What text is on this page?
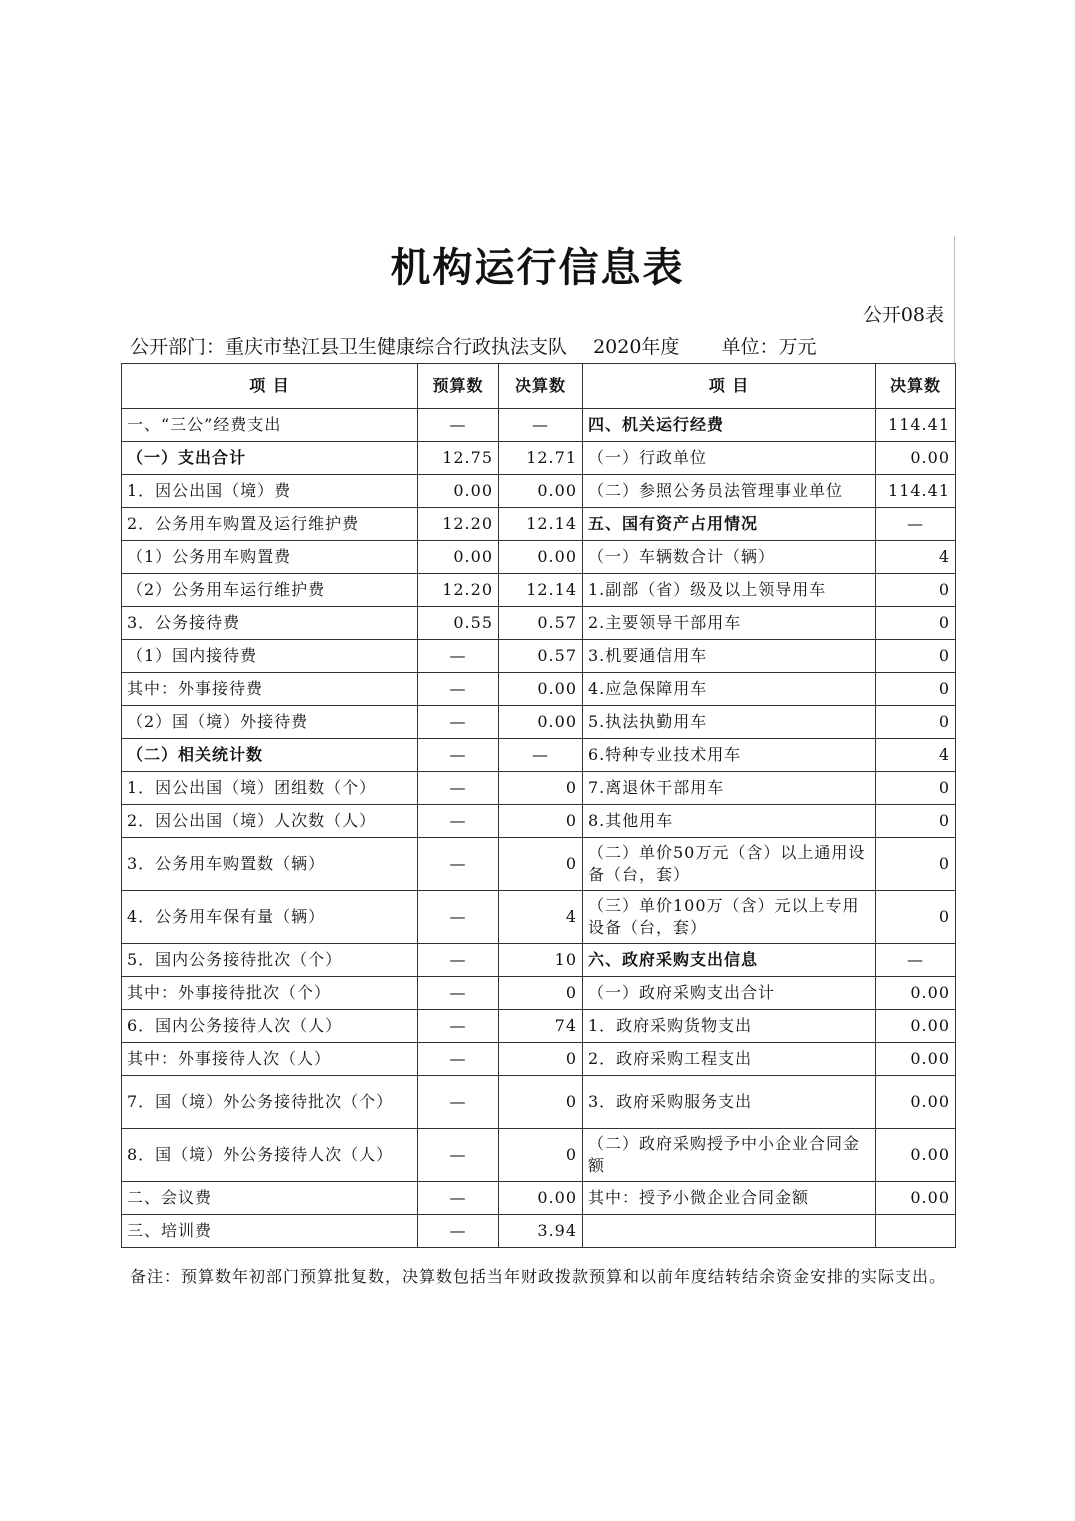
机构运行信息表
公开08表
公开部门：重庆市垫江县卫生健康综合行政执法支队 2020年度 单位：万元
项 目	预算数	决算数	项 目	决算数
一、“三公”经费支出	—	—	四、机关运行经费	114.41
（一）支出合计	12.75	12.71	（一）行政单位	0.00
1．因公出国（境）费	0.00	0.00	（二）参照公务员法管理事业单位	114.41
2．公务用车购置及运行维护费	12.20	12.14	五、国有资产占用情况	—
（1）公务用车购置费	0.00	0.00	（一）车辆数合计（辆）	4
（2）公务用车运行维护费	12.20	12.14	1.副部（省）级及以上领导用车	0
3．公务接待费	0.55	0.57	2.主要领导干部用车	0
（1）国内接待费	—	0.57	3.机要通信用车	0
其中：外事接待费	—	0.00	4.应急保障用车	0
（2）国（境）外接待费	—	0.00	5.执法执勤用车	0
（二）相关统计数	—	—	6.特种专业技术用车	4
1．因公出国（境）团组数（个）	—	0	7.离退休干部用车	0
2．因公出国（境）人次数（人）	—	0	8.其他用车	0
3．公务用车购置数（辆）	—	0	（二）单价50万元（含）以上通用设备（台，套）	0
4．公务用车保有量（辆）	—	4	（三）单价100万（含）元以上专用设备（台，套）	0
5．国内公务接待批次（个）	—	10	六、政府采购支出信息	—
其中：外事接待批次（个）	—	0	（一）政府采购支出合计	0.00
6．国内公务接待人次（人）	—	74	1．政府采购货物支出	0.00
其中：外事接待人次（人）	—	0	2．政府采购工程支出	0.00
7．国（境）外公务接待批次（个）	—	0	3．政府采购服务支出	0.00
8．国（境）外公务接待人次（人）	—	0	（二）政府采购授予中小企业合同金额	0.00
二、会议费	—	0.00	其中：授予小微企业合同金额	0.00
三、培训费	—	3.94		
备注：预算数年初部门预算批复数，决算数包括当年财政拨款预算和以前年度结转结余资金安排的实际支出。
